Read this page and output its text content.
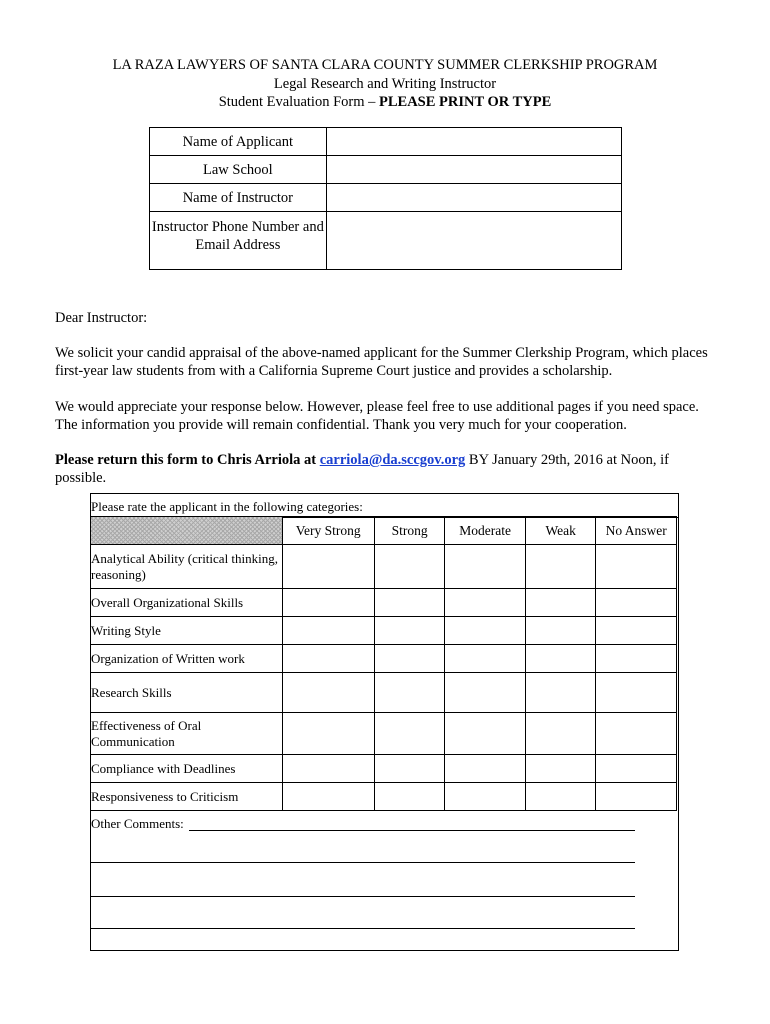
LA RAZA LAWYERS OF SANTA CLARA COUNTY SUMMER CLERKSHIP PROGRAM
Legal Research and Writing Instructor
Student Evaluation Form – PLEASE PRINT OR TYPE
Name of Applicant	
Law School	
Name of Instructor	
Instructor Phone Number and Email Address	
Dear Instructor:
We solicit your candid appraisal of the above-named applicant for the Summer Clerkship Program, which places first-year law students from with a California Supreme Court justice and provides a scholarship.
We would appreciate your response below. However, please feel free to use additional pages if you need space. The information you provide will remain confidential. Thank you very much for your cooperation.
Please return this form to Chris Arriola at carriola@da.sccgov.org BY January 29th, 2016 at Noon, if possible.
Please rate the applicant in the following categories:
	Very Strong	Strong	Moderate	Weak	No Answer
Analytical Ability (critical thinking, reasoning)					
Overall Organizational Skills					
Writing Style					
Organization of Written work					
Research Skills					
Effectiveness of Oral Communication					
Compliance with Deadlines					
Responsiveness to Criticism					
Other Comments:
